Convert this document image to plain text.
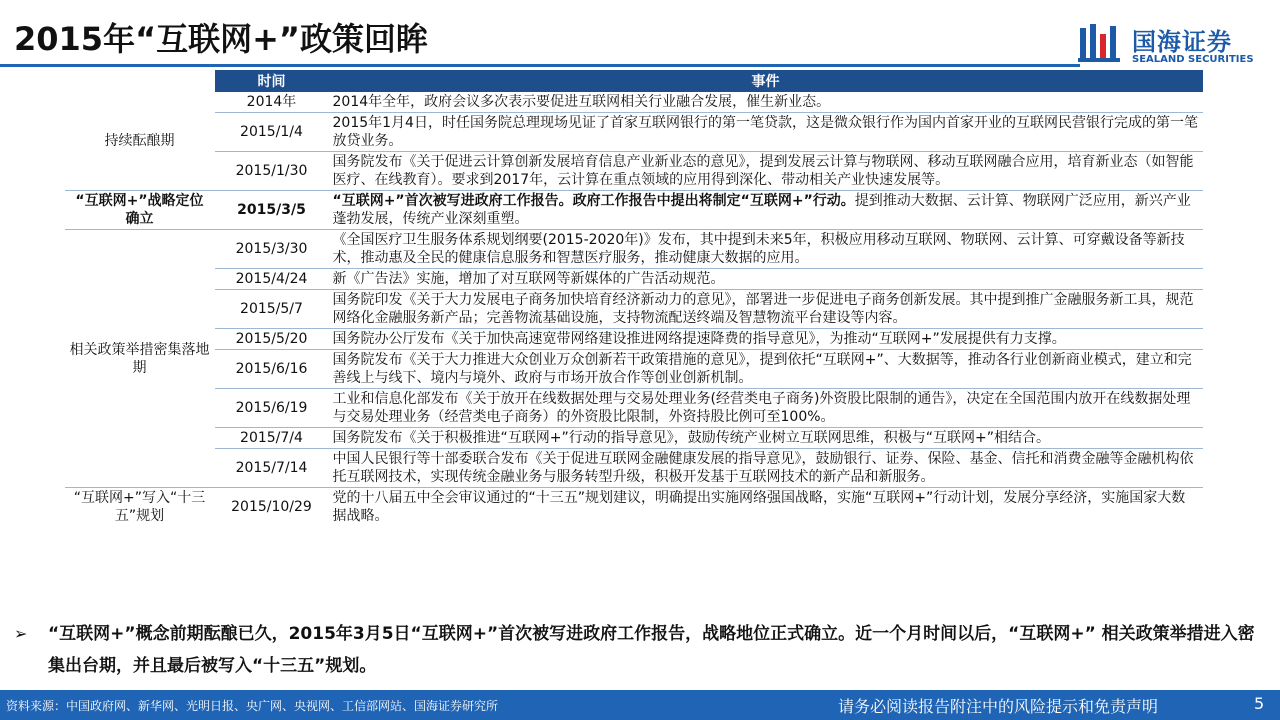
2015年“互联网+”政策回眸	国海证券
SEALAND SECURITIES
	时间	事件
持续酝酿期	2014年	2014年全年，政府会议多次表示要促进互联网相关行业融合发展，催生新业态。
	2015/1/4	2015年1月4日，时任国务院总理现场见证了首家互联网银行的第一笔贷款，这是微众银行作为国内首家开业的互联网民营银行完成的第一笔放贷业务。
	2015/1/30	国务院发布《关于促进云计算创新发展培育信息产业新业态的意见》，提到发展云计算与物联网、移动互联网融合应用，培育新业态（如智能医疗、在线教育）。要求到2017年，云计算在重点领域的应用得到深化、带动相关产业快速发展等。
“互联网+”战略定位确立	2015/3/5	“互联网+”首次被写进政府工作报告。政府工作报告中提出将制定“互联网+”行动。提到推动大数据、云计算、物联网广泛应用，新兴产业蓬勃发展，传统产业深刻重塑。
相关政策举措密集落地期	2015/3/30	《全国医疗卫生服务体系规划纲要(2015-2020年)》发布，其中提到未来5年，积极应用移动互联网、物联网、云计算、可穿戴设备等新技术，推动惠及全民的健康信息服务和智慧医疗服务，推动健康大数据的应用。
	2015/4/24	新《广告法》实施，增加了对互联网等新媒体的广告活动规范。
	2015/5/7	国务院印发《关于大力发展电子商务加快培育经济新动力的意见》，部署进一步促进电子商务创新发展。其中提到推广金融服务新工具，规范网络化金融服务新产品；完善物流基础设施，支持物流配送终端及智慧物流平台建设等内容。
	2015/5/20	国务院办公厅发布《关于加快高速宽带网络建设推进网络提速降费的指导意见》，为推动“互联网+”发展提供有力支撑。
	2015/6/16	国务院发布《关于大力推进大众创业万众创新若干政策措施的意见》，提到依托“互联网+”、大数据等，推动各行业创新商业模式，建立和完善线上与线下、境内与境外、政府与市场开放合作等创业创新机制。
	2015/6/19	工业和信息化部发布《关于放开在线数据处理与交易处理业务(经营类电子商务)外资股比限制的通告》，决定在全国范围内放开在线数据处理与交易处理业务（经营类电子商务）的外资股比限制，外资持股比例可至100%。
	2015/7/4	国务院发布《关于积极推进“互联网+”行动的指导意见》，鼓励传统产业树立互联网思维，积极与“互联网+”相结合。
	2015/7/14	中国人民银行等十部委联合发布《关于促进互联网金融健康发展的指导意见》，鼓励银行、证券、保险、基金、信托和消费金融等金融机构依托互联网技术，实现传统金融业务与服务转型升级，积极开发基于互联网技术的新产品和新服务。
“互联网+”写入“十三五”规划	2015/10/29	党的十八届五中全会审议通过的“十三五”规划建议，明确提出实施网络强国战略，实施“互联网+”行动计划，发展分享经济，实施国家大数据战略。
➢ “互联网+”概念前期酝酿已久，2015年3月5日“互联网+”首次被写进政府工作报告，战略地位正式确立。近一个月时间以后，“互联网+” 相关政策举措进入密集出台期，并且最后被写入“十三五”规划。
资料来源：中国政府网、新华网、光明日报、央广网、央视网、工信部网站、国海证券研究所	请务必阅读报告附注中的风险提示和免责声明	5
